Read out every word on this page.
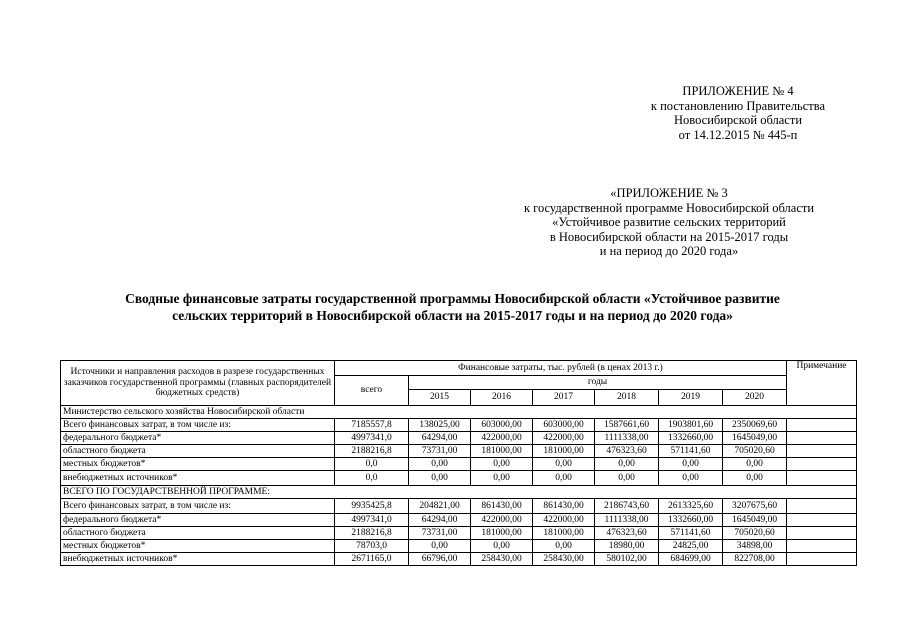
ПРИЛОЖЕНИЕ № 4
к постановлению Правительства
Новосибирской области
от 14.12.2015 № 445-п
«ПРИЛОЖЕНИЕ № 3
к государственной программе Новосибирской области
«Устойчивое развитие сельских территорий
в Новосибирской области на 2015-2017 годы
и на период до 2020 года»
Сводные финансовые затраты государственной программы Новосибирской области «Устойчивое развитие
сельских территорий в Новосибирской области на 2015-2017 годы и на период до 2020 года»
Источники и направления расходов в разрезе государственных заказчиков государственной программы (главных распорядителей бюджетных средств)	Финансовые затраты, тыс. рублей (в ценах 2013 г.)							Примечание
	всего	годы						
		2015	2016	2017	2018	2019	2020	
Министерство сельского хозяйства Новосибирской области								
Всего финансовых затрат, в том числе из:	7185557,8	138025,00	603000,00	603000,00	1587661,60	1903801,60	2350069,60	
федерального бюджета*	4997341,0	64294,00	422000,00	422000,00	1111338,00	1332660,00	1645049,00	
областного бюджета	2188216,8	73731,00	181000,00	181000,00	476323,60	571141,60	705020,60	
местных бюджетов*	0,0	0,00	0,00	0,00	0,00	0,00	0,00	
внебюджетных источников*	0,0	0,00	0,00	0,00	0,00	0,00	0,00	
ВСЕГО ПО ГОСУДАРСТВЕННОЙ ПРОГРАММЕ:								
Всего финансовых затрат, в том числе из:	9935425,8	204821,00	861430,00	861430,00	2186743,60	2613325,60	3207675,60	
федерального бюджета*	4997341,0	64294,00	422000,00	422000,00	1111338,00	1332660,00	1645049,00	
областного бюджета	2188216,8	73731,00	181000,00	181000,00	476323,60	571141,60	705020,60	
местных бюджетов*	78703,0	0,00	0,00	0,00	18980,00	24825,00	34898,00	
внебюджетных источников*	2671165,0	66796,00	258430,00	258430,00	580102,00	684699,00	822708,00	
